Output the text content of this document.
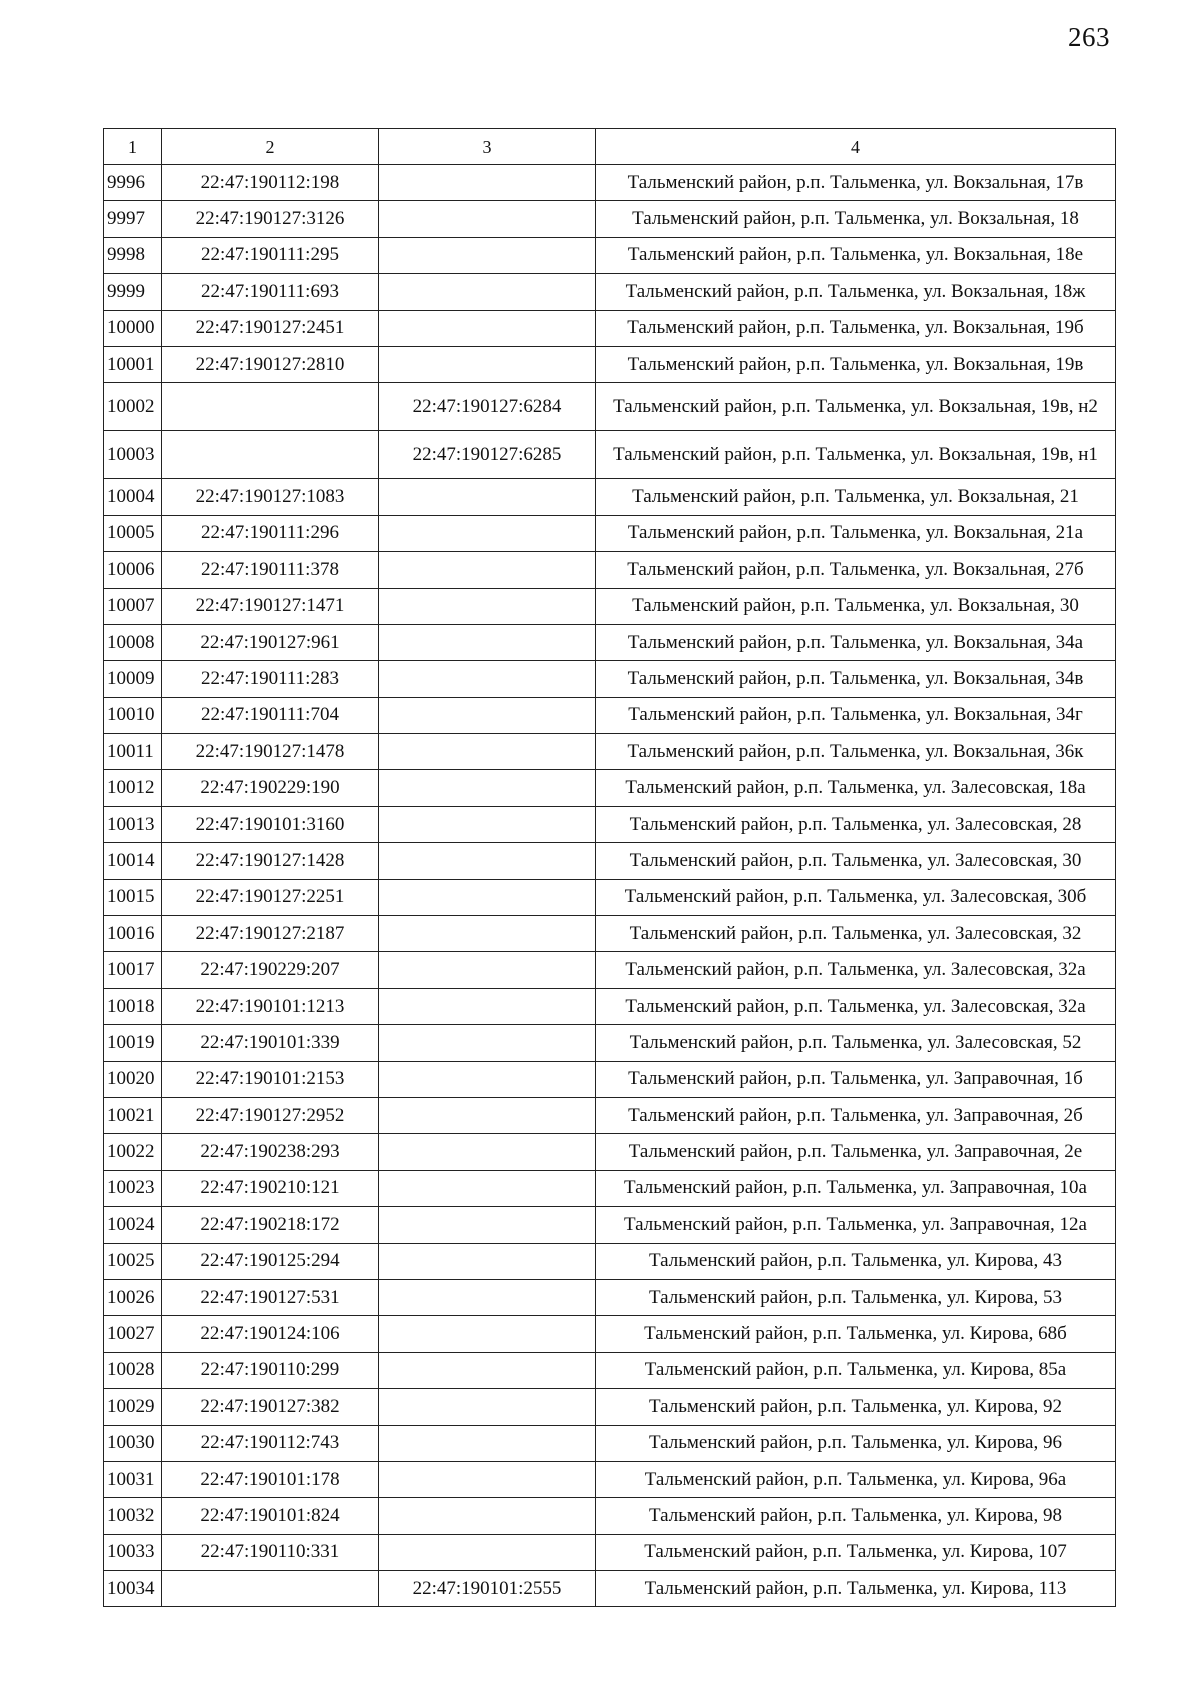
263
1	2	3	4
9996	22:47:190112:198		Тальменский район, р.п. Тальменка, ул. Вокзальная, 17в
9997	22:47:190127:3126		Тальменский район, р.п. Тальменка, ул. Вокзальная, 18
9998	22:47:190111:295		Тальменский район, р.п. Тальменка, ул. Вокзальная, 18е
9999	22:47:190111:693		Тальменский район, р.п. Тальменка, ул. Вокзальная, 18ж
10000	22:47:190127:2451		Тальменский район, р.п. Тальменка, ул. Вокзальная, 19б
10001	22:47:190127:2810		Тальменский район, р.п. Тальменка, ул. Вокзальная, 19в
10002		22:47:190127:6284	Тальменский район, р.п. Тальменка, ул. Вокзальная, 19в, н2
10003		22:47:190127:6285	Тальменский район, р.п. Тальменка, ул. Вокзальная, 19в, н1
10004	22:47:190127:1083		Тальменский район, р.п. Тальменка, ул. Вокзальная, 21
10005	22:47:190111:296		Тальменский район, р.п. Тальменка, ул. Вокзальная, 21а
10006	22:47:190111:378		Тальменский район, р.п. Тальменка, ул. Вокзальная, 27б
10007	22:47:190127:1471		Тальменский район, р.п. Тальменка, ул. Вокзальная, 30
10008	22:47:190127:961		Тальменский район, р.п. Тальменка, ул. Вокзальная, 34а
10009	22:47:190111:283		Тальменский район, р.п. Тальменка, ул. Вокзальная, 34в
10010	22:47:190111:704		Тальменский район, р.п. Тальменка, ул. Вокзальная, 34г
10011	22:47:190127:1478		Тальменский район, р.п. Тальменка, ул. Вокзальная, 36к
10012	22:47:190229:190		Тальменский район, р.п. Тальменка, ул. Залесовская, 18а
10013	22:47:190101:3160		Тальменский район, р.п. Тальменка, ул. Залесовская, 28
10014	22:47:190127:1428		Тальменский район, р.п. Тальменка, ул. Залесовская, 30
10015	22:47:190127:2251		Тальменский район, р.п. Тальменка, ул. Залесовская, 30б
10016	22:47:190127:2187		Тальменский район, р.п. Тальменка, ул. Залесовская, 32
10017	22:47:190229:207		Тальменский район, р.п. Тальменка, ул. Залесовская, 32а
10018	22:47:190101:1213		Тальменский район, р.п. Тальменка, ул. Залесовская, 32а
10019	22:47:190101:339		Тальменский район, р.п. Тальменка, ул. Залесовская, 52
10020	22:47:190101:2153		Тальменский район, р.п. Тальменка, ул. Заправочная, 1б
10021	22:47:190127:2952		Тальменский район, р.п. Тальменка, ул. Заправочная, 2б
10022	22:47:190238:293		Тальменский район, р.п. Тальменка, ул. Заправочная, 2е
10023	22:47:190210:121		Тальменский район, р.п. Тальменка, ул. Заправочная, 10а
10024	22:47:190218:172		Тальменский район, р.п. Тальменка, ул. Заправочная, 12а
10025	22:47:190125:294		Тальменский район, р.п. Тальменка, ул. Кирова, 43
10026	22:47:190127:531		Тальменский район, р.п. Тальменка, ул. Кирова, 53
10027	22:47:190124:106		Тальменский район, р.п. Тальменка, ул. Кирова, 68б
10028	22:47:190110:299		Тальменский район, р.п. Тальменка, ул. Кирова, 85а
10029	22:47:190127:382		Тальменский район, р.п. Тальменка, ул. Кирова, 92
10030	22:47:190112:743		Тальменский район, р.п. Тальменка, ул. Кирова, 96
10031	22:47:190101:178		Тальменский район, р.п. Тальменка, ул. Кирова, 96а
10032	22:47:190101:824		Тальменский район, р.п. Тальменка, ул. Кирова, 98
10033	22:47:190110:331		Тальменский район, р.п. Тальменка, ул. Кирова, 107
10034		22:47:190101:2555	Тальменский район, р.п. Тальменка, ул. Кирова, 113
